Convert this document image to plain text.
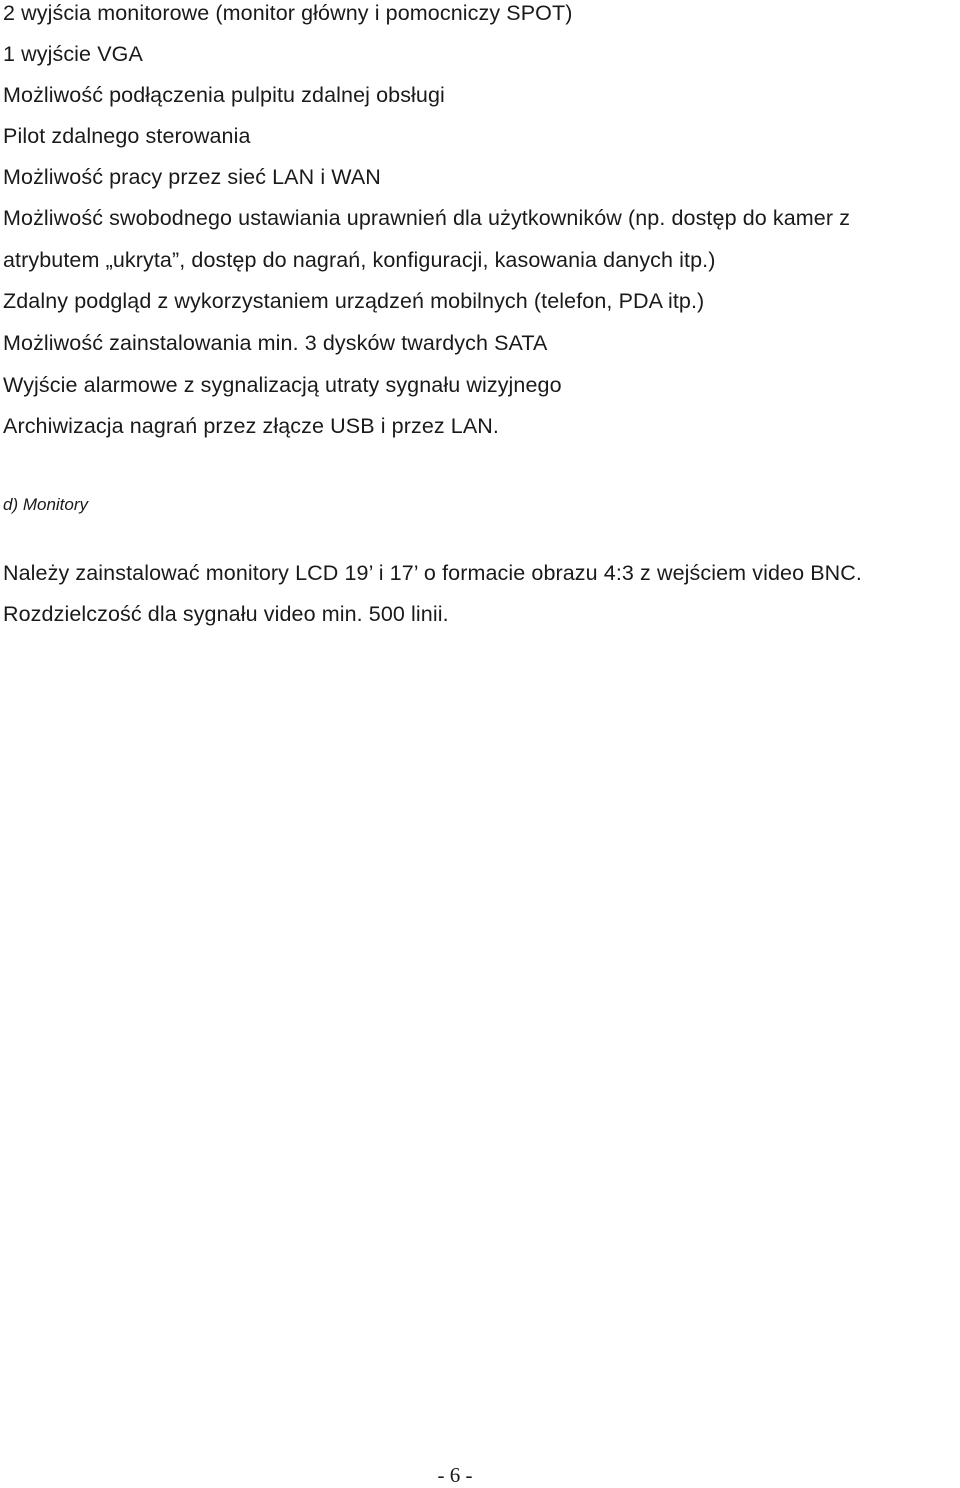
2 wyjścia monitorowe (monitor główny i pomocniczy SPOT)
1 wyjście VGA
Możliwość podłączenia pulpitu zdalnej obsługi
Pilot zdalnego sterowania
Możliwość pracy przez sieć LAN i WAN
Możliwość swobodnego ustawiania uprawnień dla użytkowników (np. dostęp do kamer z
atrybutem „ukryta”, dostęp do nagrań, konfiguracji, kasowania danych itp.)
Zdalny podgląd z wykorzystaniem urządzeń mobilnych (telefon, PDA itp.)
Możliwość zainstalowania min. 3 dysków twardych SATA
Wyjście alarmowe z sygnalizacją utraty sygnału wizyjnego
Archiwizacja nagrań przez złącze USB i przez LAN.
d) Monitory
Należy zainstalować monitory LCD 19’ i 17’ o formacie obrazu 4:3 z wejściem video BNC.
Rozdzielczość dla sygnału video min. 500 linii.
- 6 -
